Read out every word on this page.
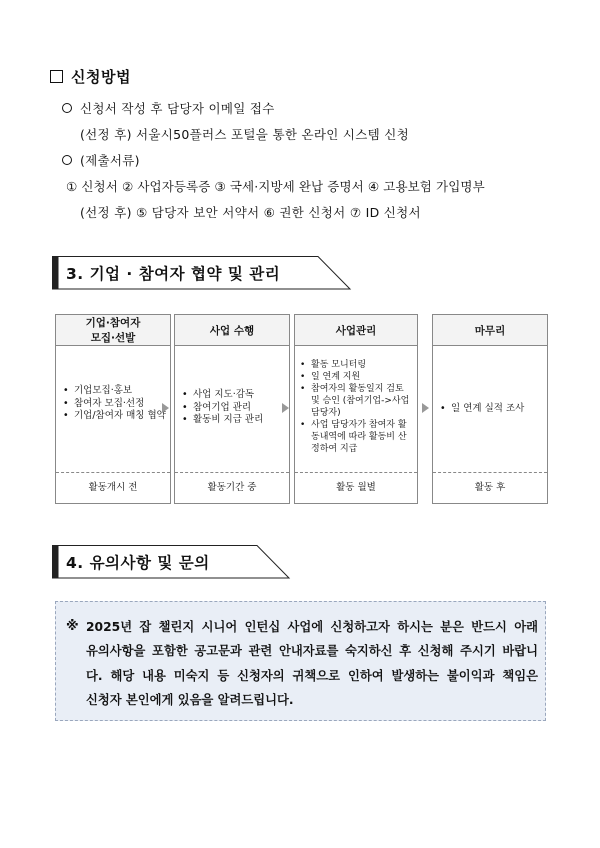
신청방법
신청서 작성 후 담당자 이메일 접수
(선정 후) 서울시50플러스 포털을 통한 온라인 시스템 신청
(제출서류)
① 신청서 ② 사업자등록증 ③ 국세·지방세 완납 증명서 ④ 고용보험 가입명부
(선정 후) ⑤ 담당자 보안 서약서 ⑥ 권한 신청서 ⑦ ID 신청서
3. 기업 · 참여자 협약 및 관리
기업·참여자
모집·선발
• 기업모집·홍보
• 참여자 모집·선정
• 기업/참여자 매칭 협약
활동개시 전
사업 수행
• 사업 지도·감독
• 참여기업 관리
• 활동비 지급 관리
활동기간 중
사업관리
• 활동 모니터링
• 일 연계 지원
• 참여자의 활동일지 검토 및 승인 (참여기업->사업담당자)
• 사업 담당자가 참여자 활동내역에 따라 활동비 산정하여 지급
활동 월별
마무리
• 일 연계 실적 조사
활동 후
4. 유의사항 및 문의
※ 2025년 잡 챌린지 시니어 인턴십 사업에 신청하고자 하시는 분은 반드시 아래
유의사항을 포함한 공고문과 관련 안내자료를 숙지하신 후 신청해 주시기 바랍니
다. 해당 내용 미숙지 등 신청자의 귀책으로 인하여 발생하는 불이익과 책임은
신청자 본인에게 있음을 알려드립니다.
